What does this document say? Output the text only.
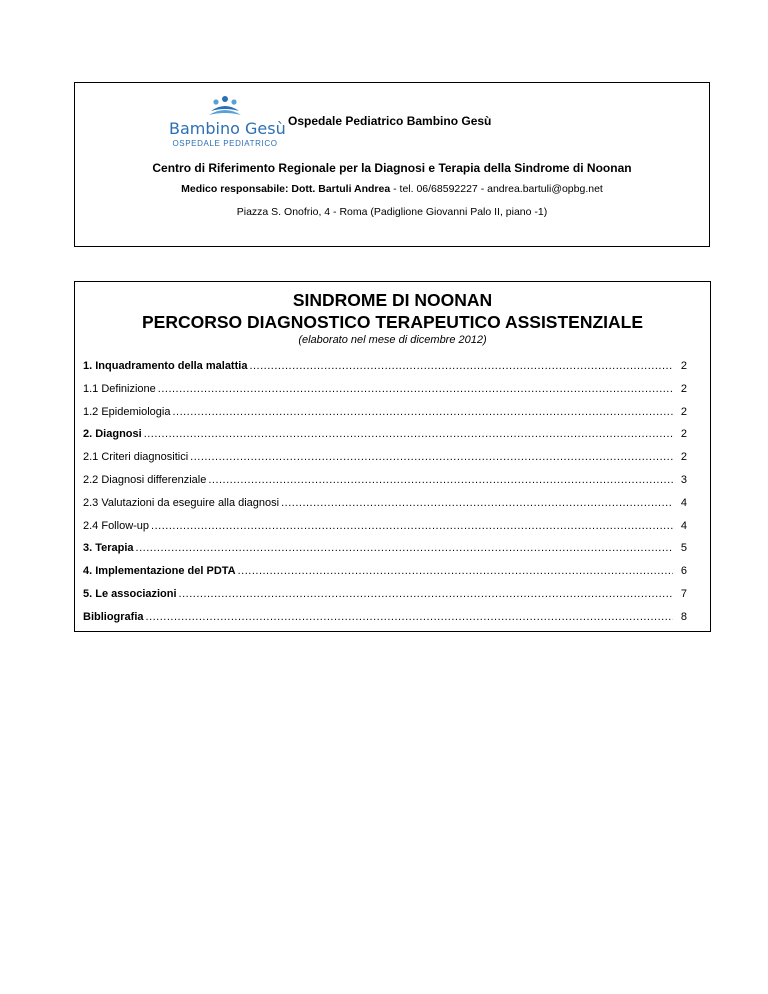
Bambino Gesù
OSPEDALE PEDIATRICO
Ospedale Pediatrico Bambino Gesù
Centro di Riferimento Regionale per la Diagnosi e Terapia della Sindrome di Noonan
Medico responsabile: Dott. Bartuli Andrea - tel. 06/68592227 - andrea.bartuli@opbg.net
Piazza S. Onofrio, 4 - Roma (Padiglione Giovanni Palo II, piano -1)
SINDROME DI NOONAN
PERCORSO DIAGNOSTICO TERAPEUTICO ASSISTENZIALE
(elaborato nel mese di dicembre 2012)
1. Inquadramento della malattia .....	2
1.1 Definizione .....	2
1.2 Epidemiologia .....	2
2. Diagnosi .....	2
2.1 Criteri diagnositici .....	2
2.2 Diagnosi differenziale .....	3
2.3 Valutazioni da eseguire alla diagnosi .....	4
2.4 Follow-up .....	4
3. Terapia .....	5
4. Implementazione del PDTA .....	6
5. Le associazioni .....	7
Bibliografia .....	8
